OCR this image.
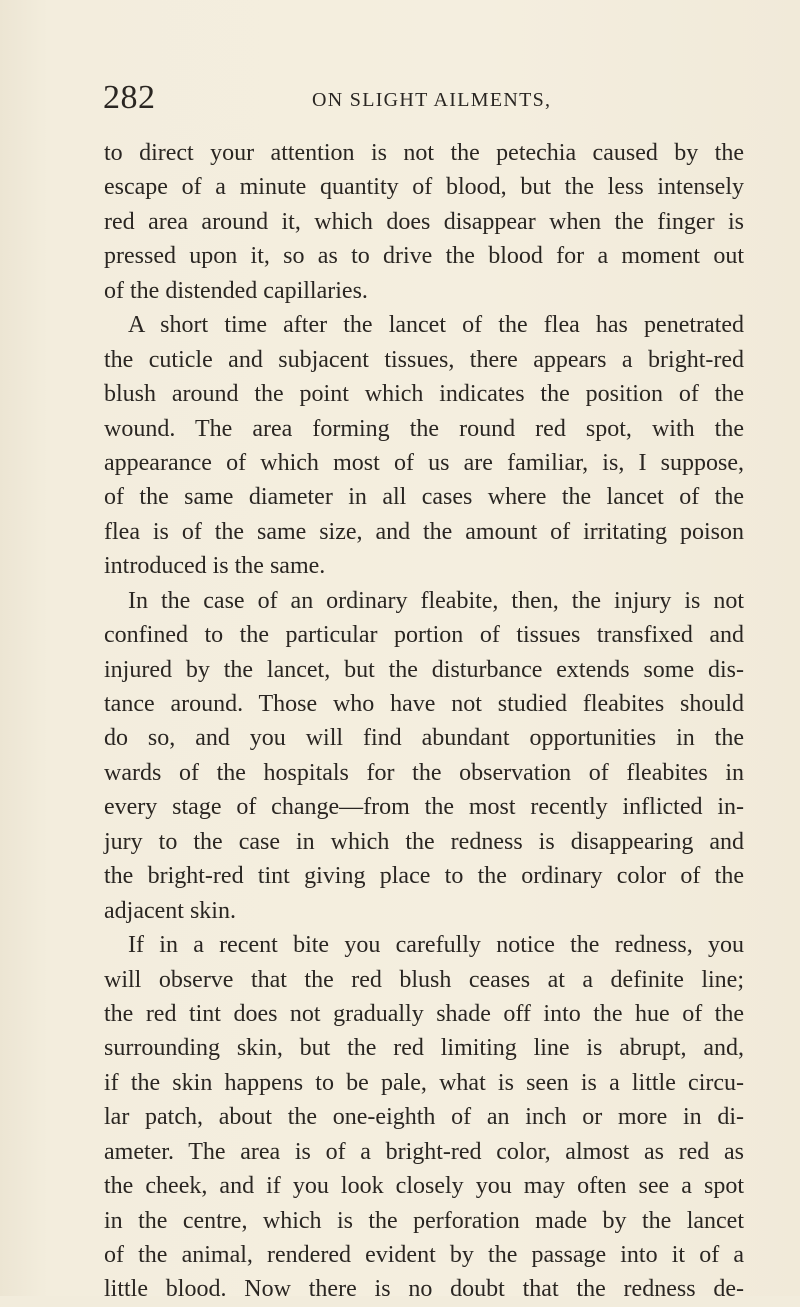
282	ON SLIGHT AILMENTS,
to direct your attention is not the petechia caused by the
escape of a minute quantity of blood, but the less intensely
red area around it, which does disappear when the finger is
pressed upon it, so as to drive the blood for a moment out
of the distended capillaries.
A short time after the lancet of the flea has penetrated
the cuticle and subjacent tissues, there appears a bright-red
blush around the point which indicates the position of the
wound. The area forming the round red spot, with the
appearance of which most of us are familiar, is, I suppose,
of the same diameter in all cases where the lancet of the
flea is of the same size, and the amount of irritating poison
introduced is the same.
In the case of an ordinary fleabite, then, the injury is not
confined to the particular portion of tissues transfixed and
injured by the lancet, but the disturbance extends some dis-
tance around. Those who have not studied fleabites should
do so, and you will find abundant opportunities in the
wards of the hospitals for the observation of fleabites in
every stage of change—from the most recently inflicted in-
jury to the case in which the redness is disappearing and
the bright-red tint giving place to the ordinary color of the
adjacent skin.
If in a recent bite you carefully notice the redness, you
will observe that the red blush ceases at a definite line;
the red tint does not gradually shade off into the hue of the
surrounding skin, but the red limiting line is abrupt, and,
if the skin happens to be pale, what is seen is a little circu-
lar patch, about the one-eighth of an inch or more in di-
ameter. The area is of a bright-red color, almost as red as
the cheek, and if you look closely you may often see a spot
in the centre, which is the perforation made by the lancet
of the animal, rendered evident by the passage into it of a
little blood. Now there is no doubt that the redness de-
